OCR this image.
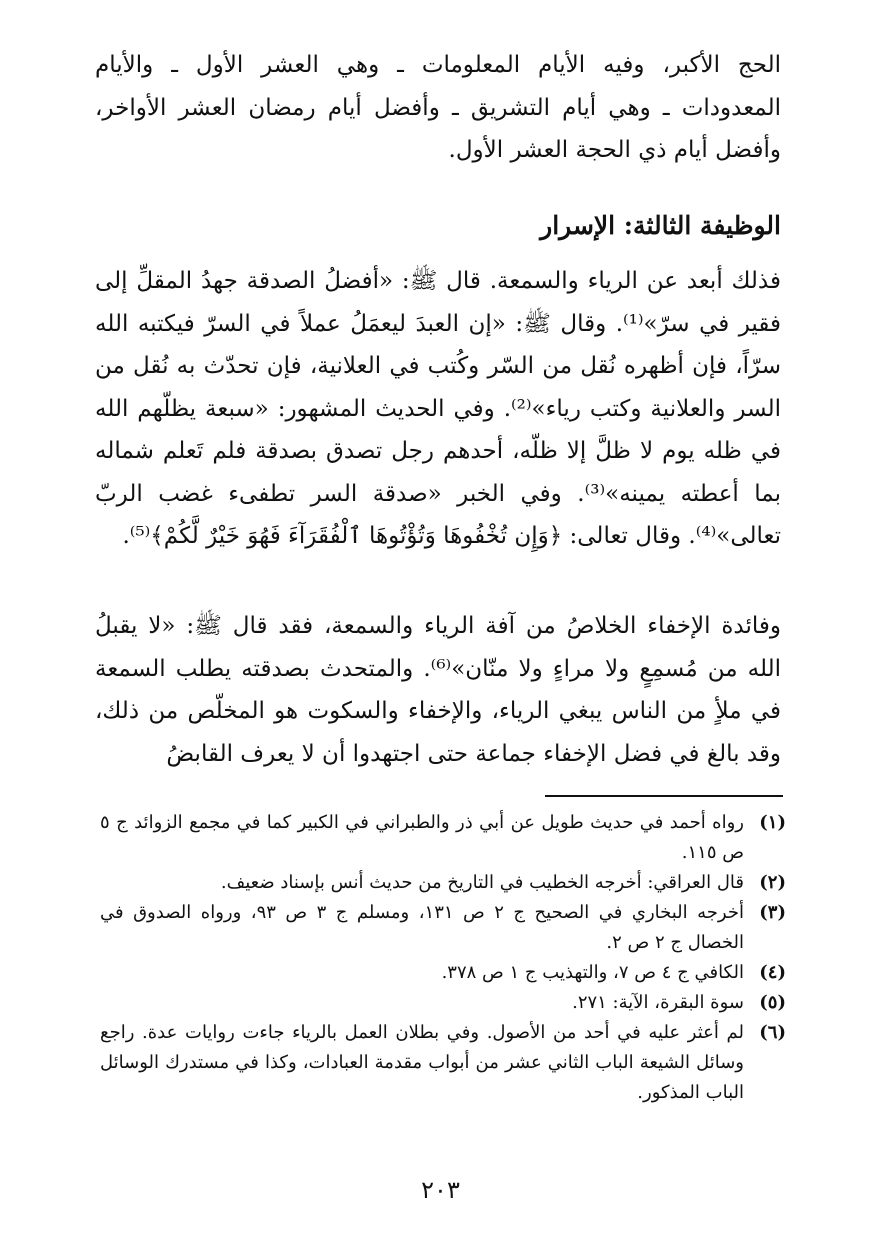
الحج الأكبر، وفيه الأيام المعلومات ـ وهي العشر الأول ـ والأيام المعدودات ـ وهي أيام التشريق ـ وأفضل أيام رمضان العشر الأواخر، وأفضل أيام ذي الحجة العشر الأول.
الوظيفة الثالثة: الإسرار
فذلك أبعد عن الرياء والسمعة. قال ﷺ: «أفضلُ الصدقة جهدُ المقلِّ إلى فقير في سرّ»⁽¹⁾. وقال ﷺ: «إن العبدَ ليعمَلُ عملاً في السرّ فيكتبه الله سرّاً، فإن أظهره نُقل من السّر وكُتب في العلانية، فإن تحدّث به نُقل من السر والعلانية وكتب رياء»⁽²⁾. وفي الحديث المشهور: «سبعة يظلّهم الله في ظله يوم لا ظلَّ إلا ظلّه، أحدهم رجل تصدق بصدقة فلم تَعلم شماله بما أعطته يمينه»⁽³⁾. وفي الخبر «صدقة السر تطفىء غضب الربّ تعالى»⁽⁴⁾. وقال تعالى: ﴿وَإِن تُخْفُوهَا وَتُؤْتُوهَا ٱلْفُقَرَآءَ فَهُوَ خَيْرٌ لَّكُمْ﴾⁽⁵⁾.
وفائدة الإخفاء الخلاصُ من آفة الرياء والسمعة، فقد قال ﷺ: «لا يقبلُ الله من مُسمِعٍ ولا مراءٍ ولا منّان»⁽⁶⁾. والمتحدث بصدقته يطلب السمعة في ملأٍ من الناس يبغي الرياء، والإخفاء والسكوت هو المخلّص من ذلك، وقد بالغ في فضل الإخفاء جماعة حتى اجتهدوا أن لا يعرف القابضُ
(١)
رواه أحمد في حديث طويل عن أبي ذر والطبراني في الكبير كما في مجمع الزوائد ج ٥ ص ١١٥.
(٢)
قال العراقي: أخرجه الخطيب في التاريخ من حديث أنس بإسناد ضعيف.
(٣)
أخرجه البخاري في الصحيح ج ٢ ص ١٣١، ومسلم ج ٣ ص ٩٣، ورواه الصدوق في الخصال ج ٢ ص ٢.
(٤)
الكافي ج ٤ ص ٧، والتهذيب ج ١ ص ٣٧٨.
(٥)
سوة البقرة، الآية: ٢٧١.
(٦)
لم أعثر عليه في أحد من الأصول. وفي بطلان العمل بالرياء جاءت روايات عدة. راجع وسائل الشيعة الباب الثاني عشر من أبواب مقدمة العبادات، وكذا في مستدرك الوسائل الباب المذكور.
٢٠٣
